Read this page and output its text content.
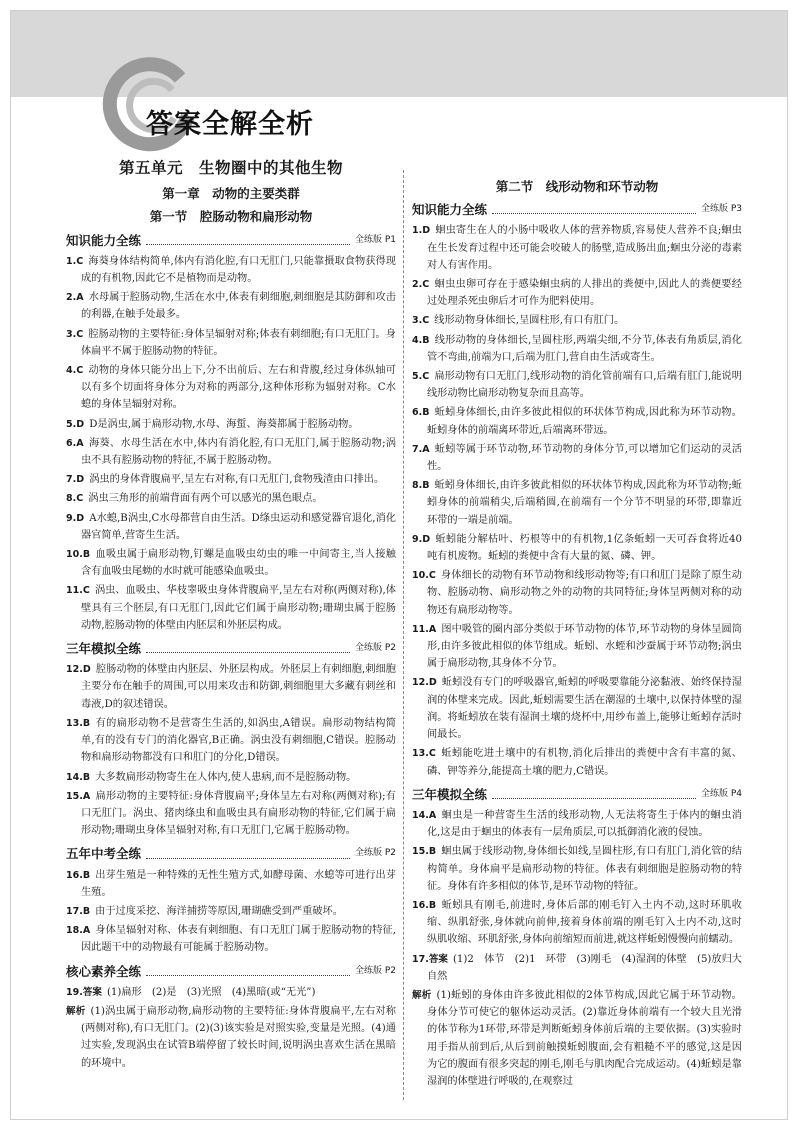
答案全解全析
第五单元　生物圈中的其他生物
第一章　动物的主要类群
第一节　腔肠动物和扁形动物
知识能力全练	全练版 P1
1.C  海葵身体结构简单,体内有消化腔,有口无肛门,只能靠摄取食物获得现成的有机物,因此它不是植物而是动物。
2.A  水母属于腔肠动物,生活在水中,体表有刺细胞,刺细胞是其防御和攻击的利器,在触手处最多。
3.C  腔肠动物的主要特征:身体呈辐射对称;体表有刺细胞;有口无肛门。身体扁平不属于腔肠动物的特征。
4.C  动物的身体只能分出上下,分不出前后、左右和背腹,经过身体纵轴可以有多个切面将身体分为对称的两部分,这种体形称为辐射对称。C水螅的身体呈辐射对称。
5.D  D是涡虫,属于扁形动物,水母、海蜇、海葵都属于腔肠动物。
6.A  海葵、水母生活在水中,体内有消化腔,有口无肛门,属于腔肠动物;涡虫不具有腔肠动物的特征,不属于腔肠动物。
7.D  涡虫的身体背腹扁平,呈左右对称,有口无肛门,食物残渣由口排出。
8.C  涡虫三角形的前端背面有两个可以感光的黑色眼点。
9.D  A水螅,B涡虫,C水母都营自由生活。D绦虫运动和感觉器官退化,消化器官简单,营寄生生活。
10.B  血吸虫属于扁形动物,钉螺是血吸虫幼虫的唯一中间寄主,当人接触含有血吸虫尾蚴的水时就可能感染血吸虫。
11.C  涡虫、血吸虫、华枝睾吸虫身体背腹扁平,呈左右对称(两侧对称),体壁具有三个胚层,有口无肛门,因此它们属于扁形动物;珊瑚虫属于腔肠动物,腔肠动物的体壁由内胚层和外胚层构成。
三年模拟全练	全练版 P2
12.D  腔肠动物的体壁由内胚层、外胚层构成。外胚层上有刺细胞,刺细胞主要分布在触手的周围,可以用来攻击和防御,刺细胞里大多藏有刺丝和毒液,D的叙述错误。
13.B  有的扁形动物不是营寄生生活的,如涡虫,A错误。扁形动物结构简单,有的没有专门的消化器官,B正确。涡虫没有刺细胞,C错误。腔肠动物和扁形动物都没有口和肛门的分化,D错误。
14.B  大多数扁形动物寄生在人体内,使人患病,而不是腔肠动物。
15.A  扁形动物的主要特征:身体背腹扁平;身体呈左右对称(两侧对称);有口无肛门。涡虫、猪肉绦虫和血吸虫具有扁形动物的特征,它们属于扁形动物;珊瑚虫身体呈辐射对称,有口无肛门,它属于腔肠动物。
五年中考全练	全练版 P2
16.B  出芽生殖是一种特殊的无性生殖方式,如酵母菌、水螅等可进行出芽生殖。
17.B  由于过度采挖、海洋捕捞等原因,珊瑚礁受到严重破坏。
18.A  身体呈辐射对称、体表有刺细胞、有口无肛门属于腔肠动物的特征,因此题干中的动物最有可能属于腔肠动物。
核心素养全练	全练版 P2
19.答案  (1)扁形　(2)是　(3)光照　(4)黑暗(或“无光”)
解析  (1)涡虫属于扁形动物,扁形动物的主要特征:身体背腹扁平,左右对称(两侧对称),有口无肛门。(2)(3)该实验是对照实验,变量是光照。(4)通过实验,发现涡虫在试管B端停留了较长时间,说明涡虫喜欢生活在黑暗的环境中。
第二节　线形动物和环节动物
知识能力全练	全练版 P3
1.D  蛔虫寄生在人的小肠中吸收人体的营养物质,容易使人营养不良;蛔虫在生长发育过程中还可能会咬破人的肠壁,造成肠出血;蛔虫分泌的毒素对人有害作用。
2.C  蛔虫虫卵可存在于感染蛔虫病的人排出的粪便中,因此人的粪便要经过处理杀死虫卵后才可作为肥料使用。
3.C  线形动物身体细长,呈圆柱形,有口有肛门。
4.B  线形动物的身体细长,呈圆柱形,两端尖细,不分节,体表有角质层,消化管不弯曲,前端为口,后端为肛门,营自由生活或寄生。
5.C  扁形动物有口无肛门,线形动物的消化管前端有口,后端有肛门,能说明线形动物比扁形动物复杂而且高等。
6.B  蚯蚓身体细长,由许多彼此相似的环状体节构成,因此称为环节动物。蚯蚓身体的前端离环带近,后端离环带远。
7.A  蚯蚓等属于环节动物,环节动物的身体分节,可以增加它们运动的灵活性。
8.B  蚯蚓身体细长,由许多彼此相似的环状体节构成,因此称为环节动物;蚯蚓身体的前端稍尖,后端稍圆,在前端有一个分节不明显的环带,即靠近环带的一端是前端。
9.D  蚯蚓能分解枯叶、朽根等中的有机物,1亿条蚯蚓一天可吞食将近40吨有机废物。蚯蚓的粪便中含有大量的氮、磷、钾。
10.C  身体细长的动物有环节动物和线形动物等;有口和肛门是除了原生动物、腔肠动物、扁形动物之外的动物的共同特征;身体呈两侧对称的动物还有扁形动物等。
11.A  图中吸管的圈内部分类似于环节动物的体节,环节动物的身体呈圆筒形,由许多彼此相似的体节组成。蚯蚓、水蛭和沙蚕属于环节动物;涡虫属于扁形动物,其身体不分节。
12.D  蚯蚓没有专门的呼吸器官,蚯蚓的呼吸要靠能分泌黏液、始终保持湿润的体壁来完成。因此,蚯蚓需要生活在潮湿的土壤中,以保持体壁的湿润。将蚯蚓放在装有湿润土壤的烧杯中,用纱布盖上,能够让蚯蚓存活时间最长。
13.C  蚯蚓能吃进土壤中的有机物,消化后排出的粪便中含有丰富的氮、磷、钾等养分,能提高土壤的肥力,C错误。
三年模拟全练	全练版 P4
14.A  蛔虫是一种营寄生生活的线形动物,人无法将寄生于体内的蛔虫消化,这是由于蛔虫的体表有一层角质层,可以抵御消化液的侵蚀。
15.B  蛔虫属于线形动物,身体细长如线,呈圆柱形,有口有肛门,消化管的结构简单。身体扁平是扁形动物的特征。体表有刺细胞是腔肠动物的特征。身体有许多相似的体节,是环节动物的特征。
16.B  蚯蚓具有刚毛,前进时,身体后部的刚毛钉入土内不动,这时环肌收缩、纵肌舒张,身体就向前伸,接着身体前端的刚毛钉入土内不动,这时纵肌收缩、环肌舒张,身体向前缩短而前进,就这样蚯蚓慢慢向前蠕动。
17.答案  (1)2　体节　(2)1　环带　(3)刚毛　(4)湿润的体壁　(5)放归大自然
解析  (1)蚯蚓的身体由许多彼此相似的2体节构成,因此它属于环节动物。身体分节可使它的躯体运动灵活。(2)靠近身体前端有一个较大且光滑的体节称为1环带,环带是判断蚯蚓身体前后端的主要依据。(3)实验时用手指从前到后,从后到前触摸蚯蚓腹面,会有粗糙不平的感觉,这是因为它的腹面有很多突起的刚毛,刚毛与肌肉配合完成运动。(4)蚯蚓是靠湿润的体壁进行呼吸的,在观察过
